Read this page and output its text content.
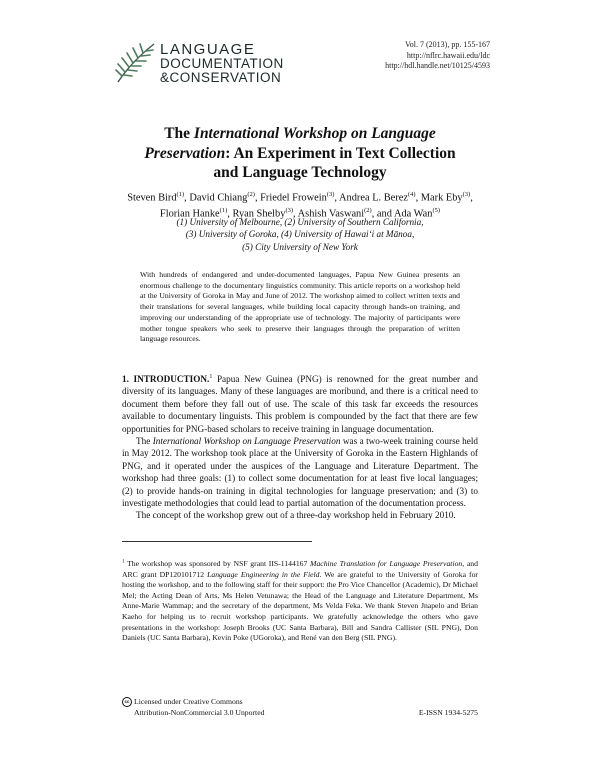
LANGUAGE
DOCUMENTATION
&CONSERVATION
Vol. 7 (2013), pp. 155-167
http://nflrc.hawaii.edu/ldc
http://hdl.handle.net/10125/4593
The International Workshop on Language
Preservation: An Experiment in Text Collection
and Language Technology
Steven Bird$^{(1)}$, David Chiang$^{(2)}$, Friedel Frowein$^{(3)}$, Andrea L. Berez$^{(4)}$, Mark Eby$^{(3)}$, Florian Hanke$^{(1)}$, Ryan Shelby$^{(3)}$, Ashish Vaswani$^{(2)}$, and Ada Wan$^{(5)}$
(1) University of Melbourne, (2) University of Southern California,
(3) University of Goroka, (4) University of Hawai‘i at Mānoa,
(5) City University of New York
With hundreds of endangered and under-documented languages, Papua New Guinea presents an enormous challenge to the documentary linguistics community. This article reports on a workshop held at the University of Goroka in May and June of 2012. The workshop aimed to collect written texts and their translations for several languages, while building local capacity through hands-on training, and improving our understanding of the appropriate use of technology. The majority of participants were mother tongue speakers who seek to preserve their languages through the preparation of written language resources.

1. INTRODUCTION.$^1$ Papua New Guinea (PNG) is renowned for the great number and diversity of its languages. Many of these languages are moribund, and there is a critical need to document them before they fall out of use. The scale of this task far exceeds the resources available to documentary linguists. This problem is compounded by the fact that there are few opportunities for PNG-based scholars to receive training in language documentation.

The International Workshop on Language Preservation was a two-week training course held in May 2012. The workshop took place at the University of Goroka in the Eastern Highlands of PNG, and it operated under the auspices of the Language and Literature Department. The workshop had three goals: (1) to collect some documentation for at least five local languages; (2) to provide hands-on training in digital technologies for language preservation; and (3) to investigate methodologies that could lead to partial automation of the documentation process.

The concept of the workshop grew out of a three-day workshop held in February 2010.

$^1$ The workshop was sponsored by NSF grant IIS-1144167 Machine Translation for Language Preservation, and ARC grant DP120101712 Language Engineering in the Field. We are grateful to the University of Goroka for hosting the workshop, and to the following staff for their support: the Pro Vice Chancellor (Academic), Dr Michael Mel; the Acting Dean of Arts, Ms Helen Vetunawa; the Head of the Language and Literature Department, Ms Anne-Marie Wammap; and the secretary of the department, Ms Velda Feka. We thank Steven Jnapelo and Brian Kaeho for helping us to recruit workshop participants. We gratefully acknowledge the others who gave presentations in the workshop: Joseph Brooks (UC Santa Barbara), Bill and Sandra Callister (SIL PNG), Don Daniels (UC Santa Barbara), Kevin Poke (UGoroka), and René van den Berg (SIL PNG).
cc Licensed under Creative Commons
Attribution-NonCommercial 3.0 Unported	E-ISSN 1934-5275
